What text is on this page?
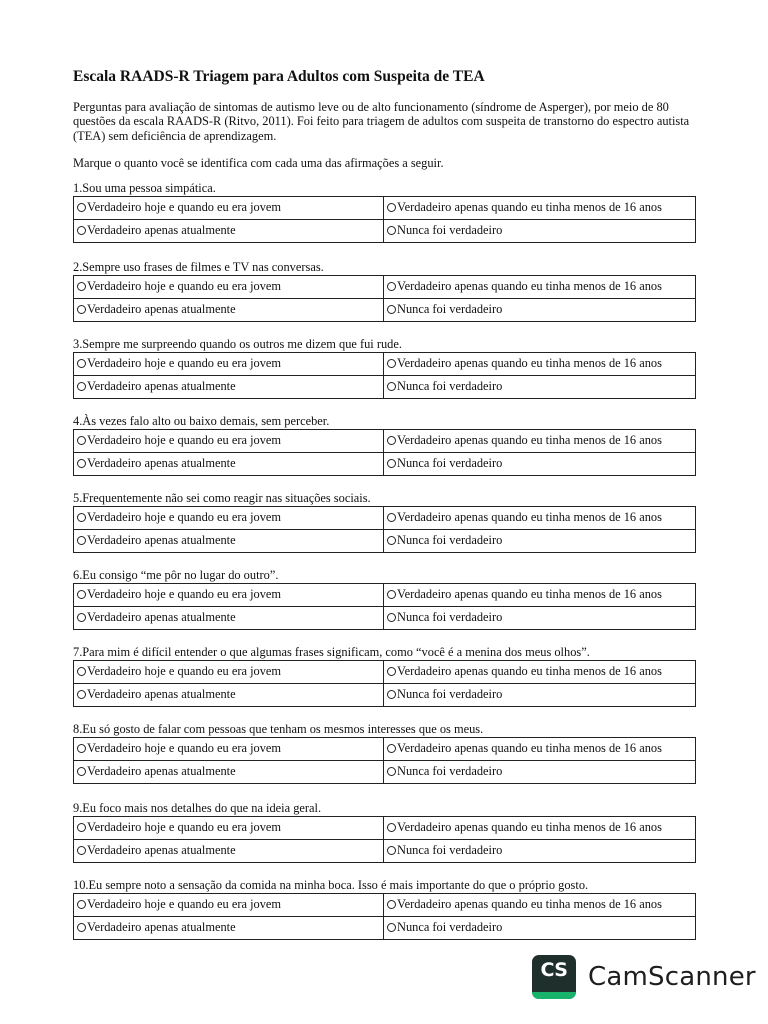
Escala RAADS-R Triagem para Adultos com Suspeita de TEA
Perguntas para avaliação de sintomas de autismo leve ou de alto funcionamento (síndrome de Asperger), por meio de 80 questões da escala RAADS-R (Ritvo, 2011). Foi feito para triagem de adultos com suspeita de transtorno do espectro autista (TEA) sem deficiência de aprendizagem.
Marque o quanto você se identifica com cada uma das afirmações a seguir.
1.Sou uma pessoa simpática.
Verdadeiro hoje e quando eu era jovem	Verdadeiro apenas quando eu tinha menos de 16 anos

Verdadeiro apenas atualmente	Nunca foi verdadeiro
2.Sempre uso frases de filmes e TV nas conversas.
Verdadeiro hoje e quando eu era jovem	Verdadeiro apenas quando eu tinha menos de 16 anos

Verdadeiro apenas atualmente	Nunca foi verdadeiro
3.Sempre me surpreendo quando os outros me dizem que fui rude.
Verdadeiro hoje e quando eu era jovem	Verdadeiro apenas quando eu tinha menos de 16 anos

Verdadeiro apenas atualmente	Nunca foi verdadeiro
4.Às vezes falo alto ou baixo demais, sem perceber.
Verdadeiro hoje e quando eu era jovem	Verdadeiro apenas quando eu tinha menos de 16 anos

Verdadeiro apenas atualmente	Nunca foi verdadeiro
5.Frequentemente não sei como reagir nas situações sociais.
Verdadeiro hoje e quando eu era jovem	Verdadeiro apenas quando eu tinha menos de 16 anos

Verdadeiro apenas atualmente	Nunca foi verdadeiro
6.Eu consigo “me pôr no lugar do outro”.
Verdadeiro hoje e quando eu era jovem	Verdadeiro apenas quando eu tinha menos de 16 anos

Verdadeiro apenas atualmente	Nunca foi verdadeiro
7.Para mim é difícil entender o que algumas frases significam, como “você é a menina dos meus olhos”.
Verdadeiro hoje e quando eu era jovem	Verdadeiro apenas quando eu tinha menos de 16 anos

Verdadeiro apenas atualmente	Nunca foi verdadeiro
8.Eu só gosto de falar com pessoas que tenham os mesmos interesses que os meus.
Verdadeiro hoje e quando eu era jovem	Verdadeiro apenas quando eu tinha menos de 16 anos

Verdadeiro apenas atualmente	Nunca foi verdadeiro
9.Eu foco mais nos detalhes do que na ideia geral.
Verdadeiro hoje e quando eu era jovem	Verdadeiro apenas quando eu tinha menos de 16 anos

Verdadeiro apenas atualmente	Nunca foi verdadeiro
10.Eu sempre noto a sensação da comida na minha boca. Isso é mais importante do que o próprio gosto.
Verdadeiro hoje e quando eu era jovem	Verdadeiro apenas quando eu tinha menos de 16 anos

Verdadeiro apenas atualmente	Nunca foi verdadeiro
CS CamScanner
